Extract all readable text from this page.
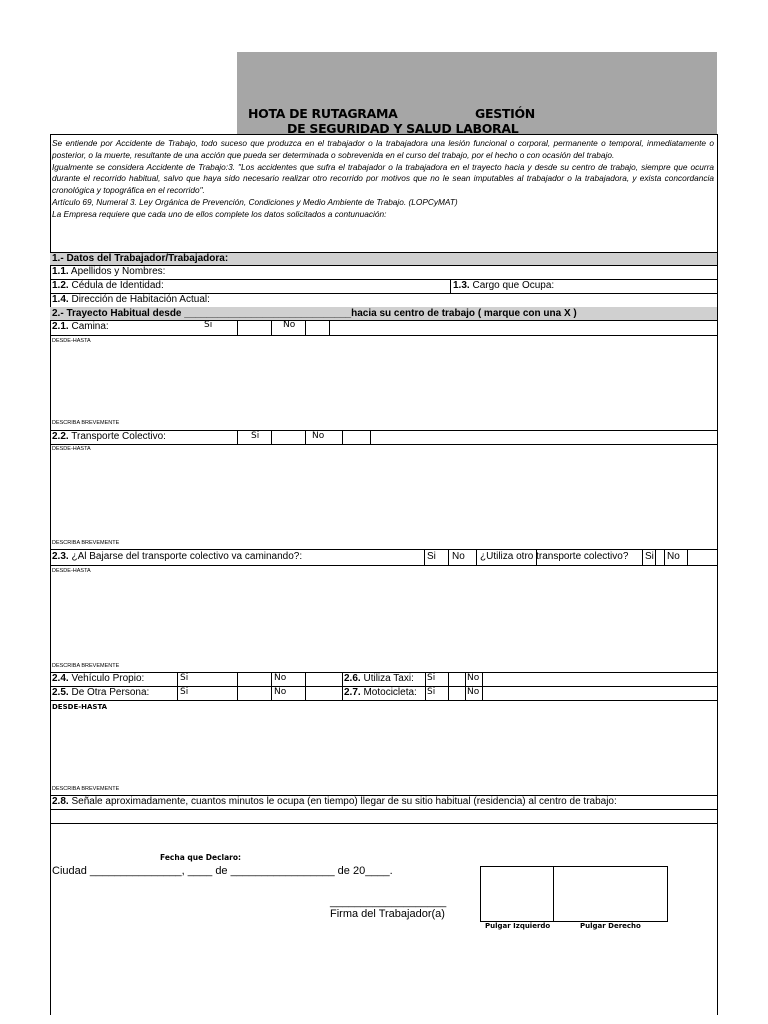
HOTA DE RUTAGRAMA	GESTIÓN
DE SEGURIDAD Y SALUD LABORAL

Se entiende por Accidente de Trabajo, todo suceso que produzca en el trabajador o la trabajadora una lesión funcional o corporal, permanente o temporal, inmediatamente o posterior, o la muerte, resultante de una acción que pueda ser determinada o sobrevenida en el curso del trabajo, por el hecho o con ocasión del trabajo.

Igualmente se considera Accidente de Trabajo:3. "Los accidentes que sufra el trabajador o la trabajadora en el trayecto hacia y desde su centro de trabajo, siempre que ocurra durante el recorrido habitual, salvo que haya sido necesario realizar otro recorrido por motivos que no le sean imputables al trabajador o la trabajadora, y exista concordancia cronológica y topográfica en el recorrido".

Artículo 69, Numeral 3. Ley Orgánica de Prevención, Condiciones y Medio Ambiente de Trabajo. (LOPCyMAT)

La Empresa requiere que cada uno de ellos complete los datos solicitados a contunuación:

1.- Datos del Trabajador/Trabajadora:
1.1. Apellidos y Nombres:
1.2. Cédula de Identidad:	1.3. Cargo que Ocupa:
1.4. Dirección de Habitación Actual:
2.- Trayecto Habitual desde ______________________________hacia su centro de trabajo ( marque con una X )
2.1. Camina:	Si	No
DESDE-HASTA
DESCRIBA BREVEMENTE
2.2. Transporte Colectivo:	Si	No
DESDE-HASTA
DESCRIBA BREVEMENTE
2.3. ¿Al Bajarse del transporte colectivo va caminando?:	Si No ¿Utiliza otro transporte colectivo? Si No
DESDE-HASTA
DESCRIBA BREVEMENTE
2.4. Vehículo Propio:	Si	No	2.6. Utiliza Taxi: Si	No
2.5. De Otra Persona:	Si	No	2.7. Motocicleta: Si	No
DESDE-HASTA
DESCRIBA BREVEMENTE
2.8. Señale aproximadamente, cuantos minutos le ocupa (en tiempo) llegar de su sitio habitual (residencia) al centro de trabajo:
Fecha que Declaro:
Ciudad _______________, ____ de _________________ de 20____.
___________________
Firma del Trabajador(a)
Pulgar Izquierdo	Pulgar Derecho
